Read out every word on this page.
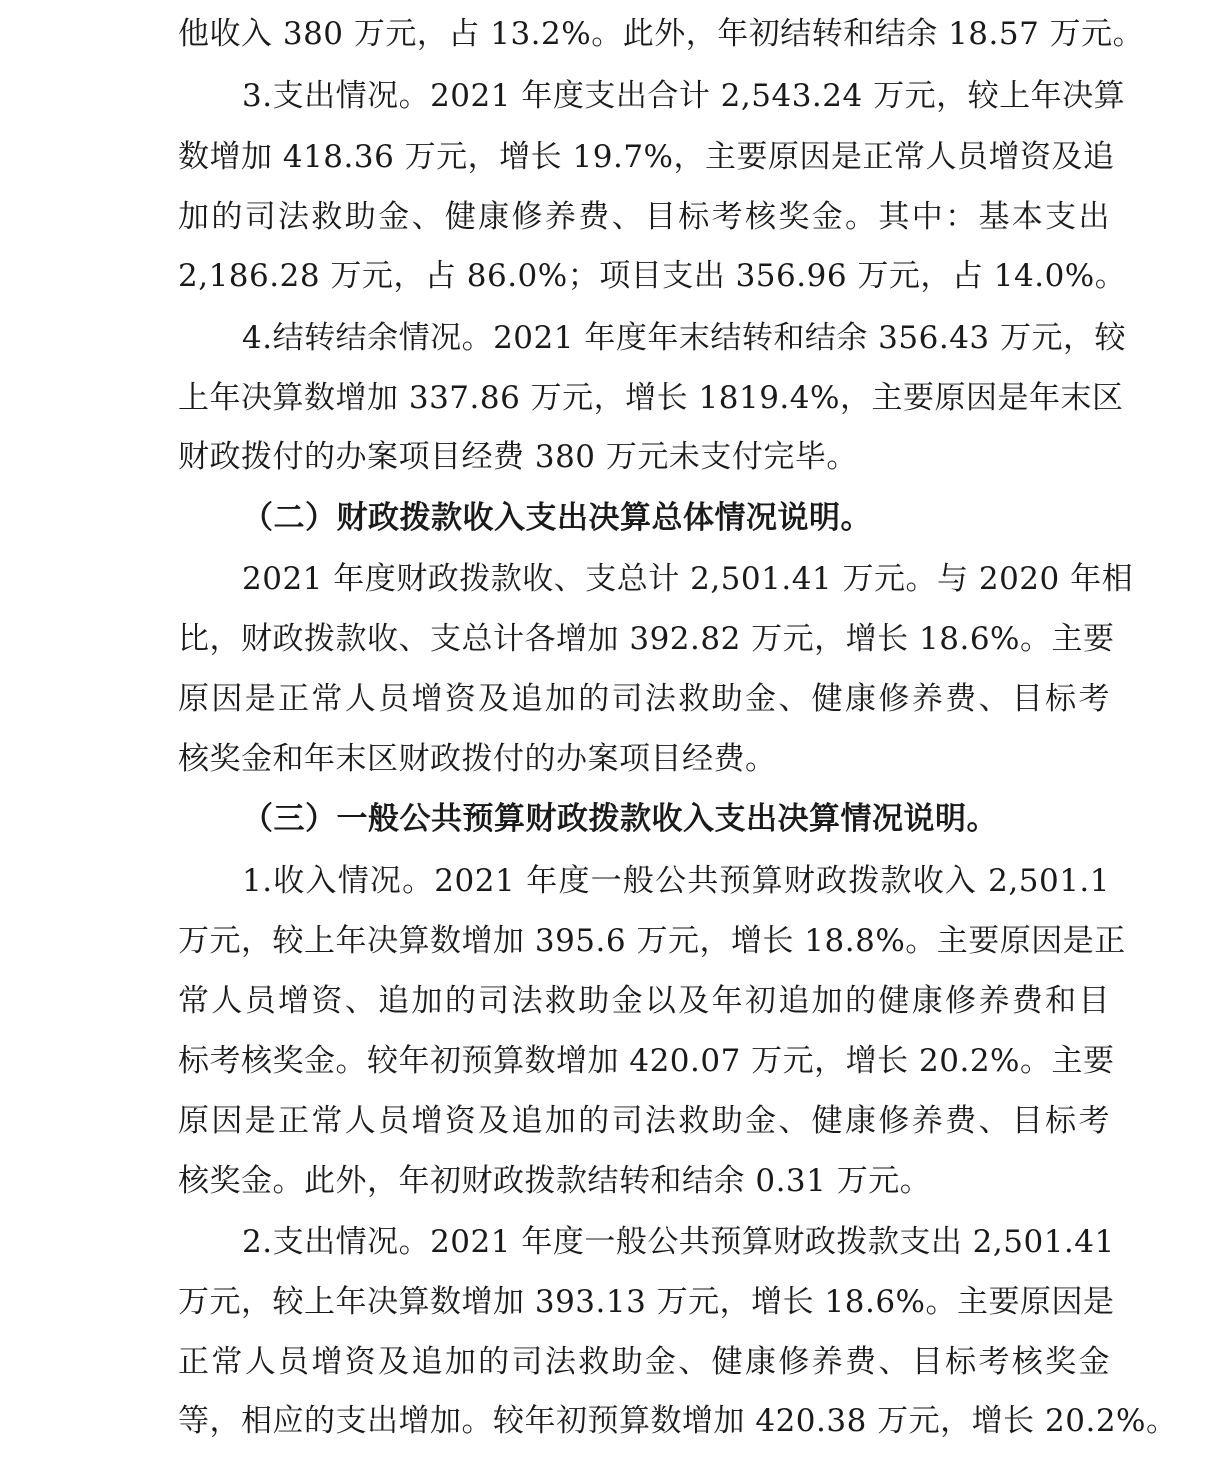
他收入 380 万元，占 13.2%。此外，年初结转和结余 18.57 万元。
3.支出情况。2021 年度支出合计 2,543.24 万元，较上年决算
数增加 418.36 万元，增长 19.7%，主要原因是正常人员增资及追
加的司法救助金、健康修养费、目标考核奖金。其中：基本支出
2,186.28 万元，占 86.0%；项目支出 356.96 万元，占 14.0%。
4.结转结余情况。2021 年度年末结转和结余 356.43 万元，较
上年决算数增加 337.86 万元，增长 1819.4%，主要原因是年末区
财政拨付的办案项目经费 380 万元未支付完毕。
（二）财政拨款收入支出决算总体情况说明。
2021 年度财政拨款收、支总计 2,501.41 万元。与 2020 年相
比，财政拨款收、支总计各增加 392.82 万元，增长 18.6%。主要
原因是正常人员增资及追加的司法救助金、健康修养费、目标考
核奖金和年末区财政拨付的办案项目经费。
（三）一般公共预算财政拨款收入支出决算情况说明。
1.收入情况。2021 年度一般公共预算财政拨款收入 2,501.1
万元，较上年决算数增加 395.6 万元，增长 18.8%。主要原因是正
常人员增资、追加的司法救助金以及年初追加的健康修养费和目
标考核奖金。较年初预算数增加 420.07 万元，增长 20.2%。主要
原因是正常人员增资及追加的司法救助金、健康修养费、目标考
核奖金。此外，年初财政拨款结转和结余 0.31 万元。
2.支出情况。2021 年度一般公共预算财政拨款支出 2,501.41
万元，较上年决算数增加 393.13 万元，增长 18.6%。主要原因是
正常人员增资及追加的司法救助金、健康修养费、目标考核奖金
等，相应的支出增加。较年初预算数增加 420.38 万元，增长 20.2%。
